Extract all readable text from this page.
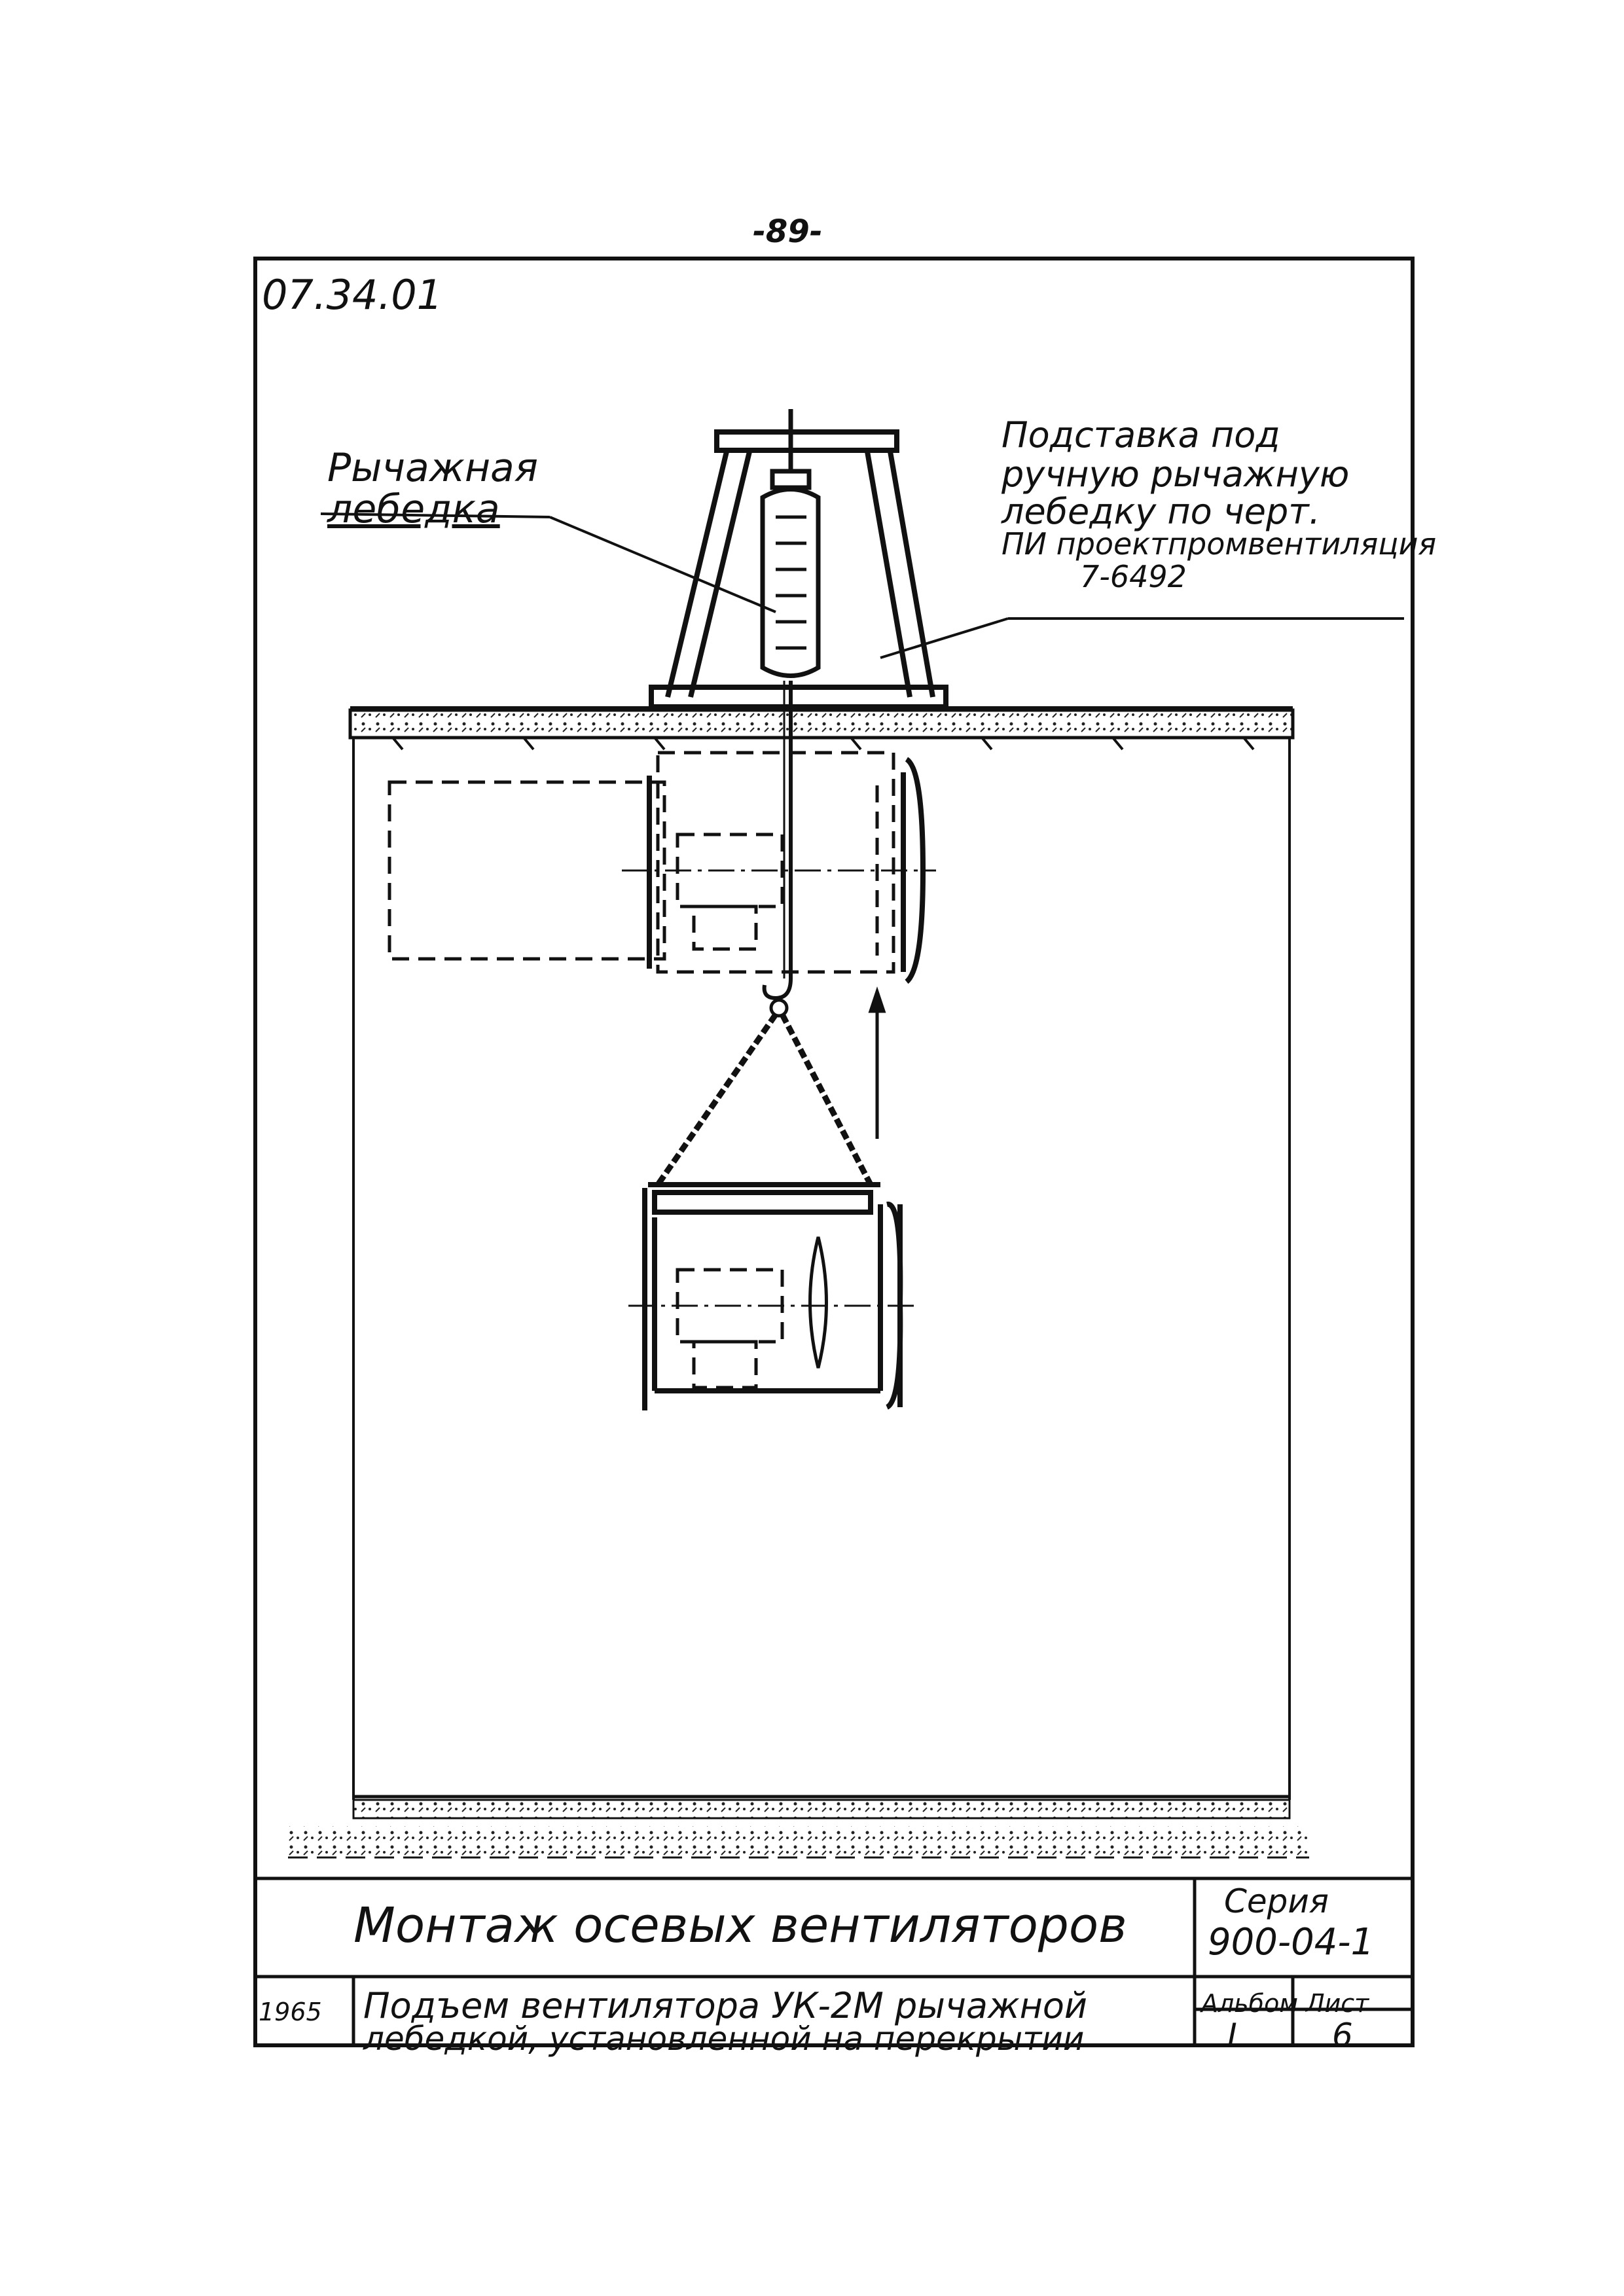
-89-
07.34.01
Рычажная
лебедка
Подставка под
ручную рычажную
лебедку по черт.
ПИ проектпромвентиляция
7-6492
Монтаж осевых вентиляторов	Серия
900-04-1
1965 Подъем вентилятора УК-2М рычажной
лебедкой, установленной на перекрытии
Альбом
I
Лист
6
